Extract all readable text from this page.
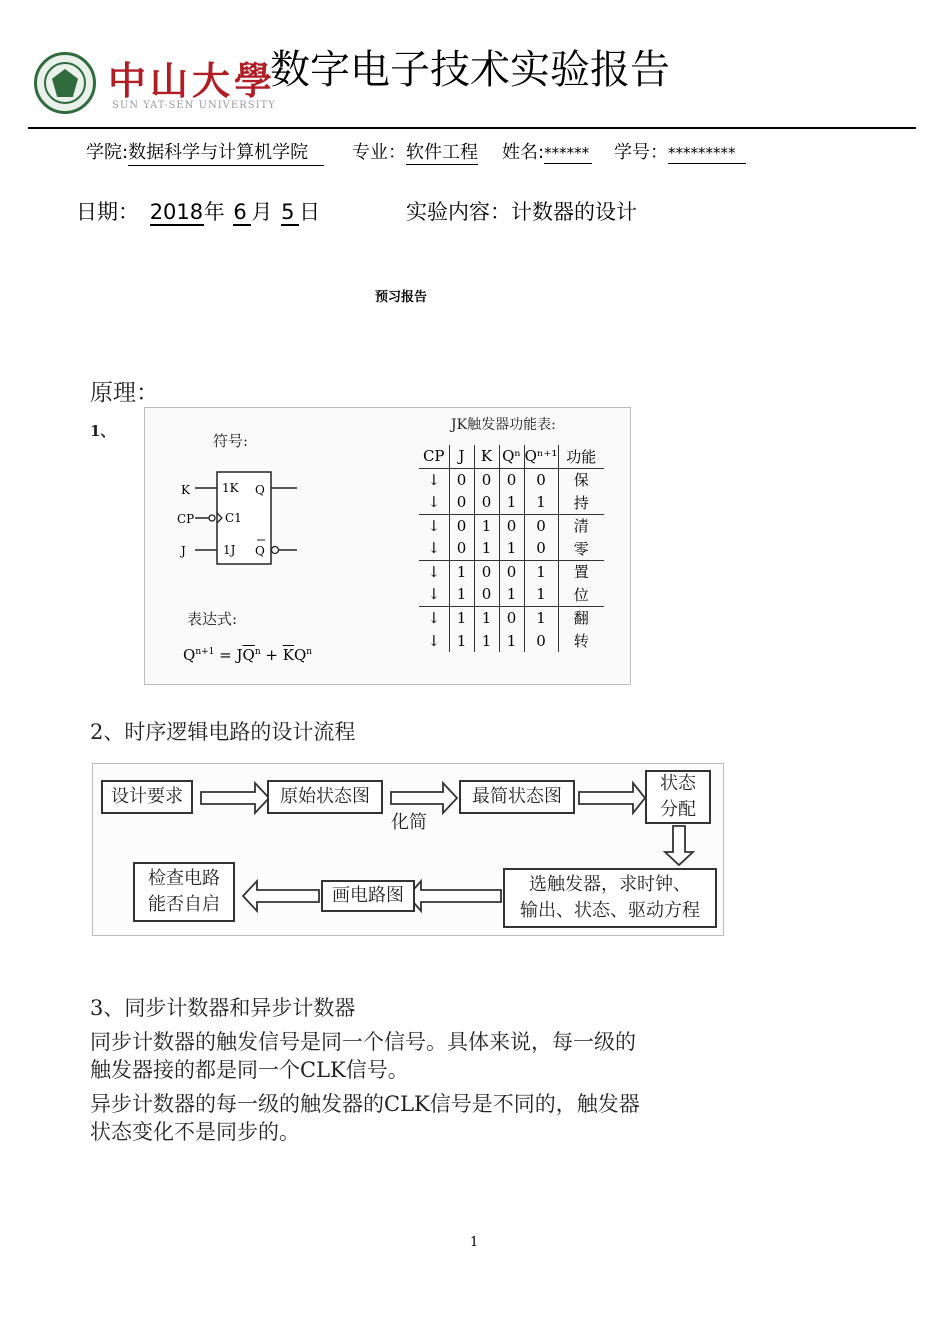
中山大學
SUN YAT-SEN UNIVERSITY
数字电子技术实验报告
学院:数据科学与计算机学院	专业：软件工程 姓名:****** 学号：*********
日期： 2018年 6 月 5 日	实验内容：计数器的设计
预习报告
原理：
1、
符号:
K
CP
J
1K
C1
1J
Q
Q
表达式:
$Q^{n+1} = J\overline{Q}^n + \overline{K}Q^n$
JK触发器功能表:
CP	J	K	Qⁿ	Qⁿ⁺¹	功能
↓	0	0	0	0	保
↓	0	0	1	1	持
↓	0	1	0	0	清
↓	0	1	1	0	零
↓	1	0	0	1	置
↓	1	0	1	1	位
↓	1	1	0	1	翻
↓	1	1	1	0	转
2、时序逻辑电路的设计流程
设计要求	原始状态图
化简
最简状态图
状态
分配
选触发器，求时钟、
输出、状态、驱动方程
画电路图
检查电路
能否自启
3、同步计数器和异步计数器
同步计数器的触发信号是同一个信号。具体来说，每一级的
触发器接的都是同一个CLK信号。
异步计数器的每一级的触发器的CLK信号是不同的，触发器
状态变化不是同步的。
1
